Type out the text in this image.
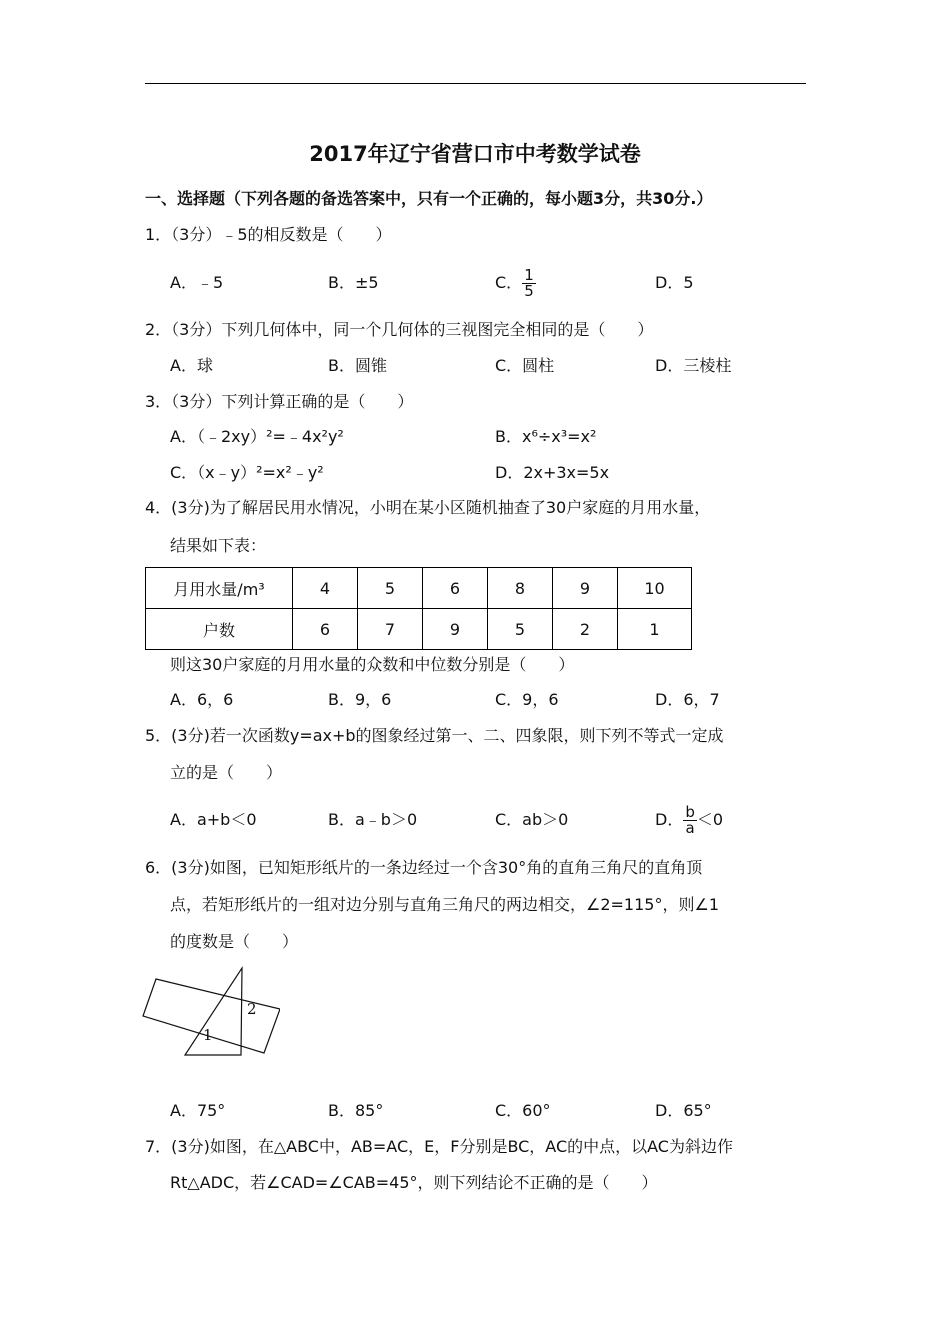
2017年辽宁省营口市中考数学试卷
一、选择题（下列各题的备选答案中，只有一个正确的，每小题3分，共30分.）
1．（3分）﹣5的相反数是（　　）
A．﹣5	B．±5	C． $\frac{1}{5}$	D．5
2．（3分）下列几何体中，同一个几何体的三视图完全相同的是（　　）
A．球	B．圆锥	C．圆柱	D．三棱柱
3．（3分）下列计算正确的是（　　）
A．（﹣2xy）²=﹣4x²y²	B．x⁶÷x³=x²
C．（x﹣y）²=x²﹣y²	D．2x+3x=5x
4．(3分)为了解居民用水情况，小明在某小区随机抽查了30户家庭的月用水量，
结果如下表：
月用水量/m³	4	5	6	8	9	10
户数	6	7	9	5	2	1
则这30户家庭的月用水量的众数和中位数分别是（　　）
A．6，6	B．9，6	C．9，6	D．6，7
5．(3分)若一次函数y=ax+b的图象经过第一、二、四象限，则下列不等式一定成
立的是（　　）
A．a+b＜0	B．a﹣b＞0	C．ab＞0	D． $\frac{b}{a} <0$
6．(3分)如图，已知矩形纸片的一条边经过一个含30°角的直角三角尺的直角顶
点，若矩形纸片的一组对边分别与直角三角尺的两边相交，∠2=115°，则∠1
的度数是（　　）
1
2
A．75°	B．85°	C．60°	D．65°
7．(3分)如图，在△ABC中，AB=AC，E，F分别是BC，AC的中点，以AC为斜边作
Rt△ADC，若∠CAD=∠CAB=45°，则下列结论不正确的是（　　）
